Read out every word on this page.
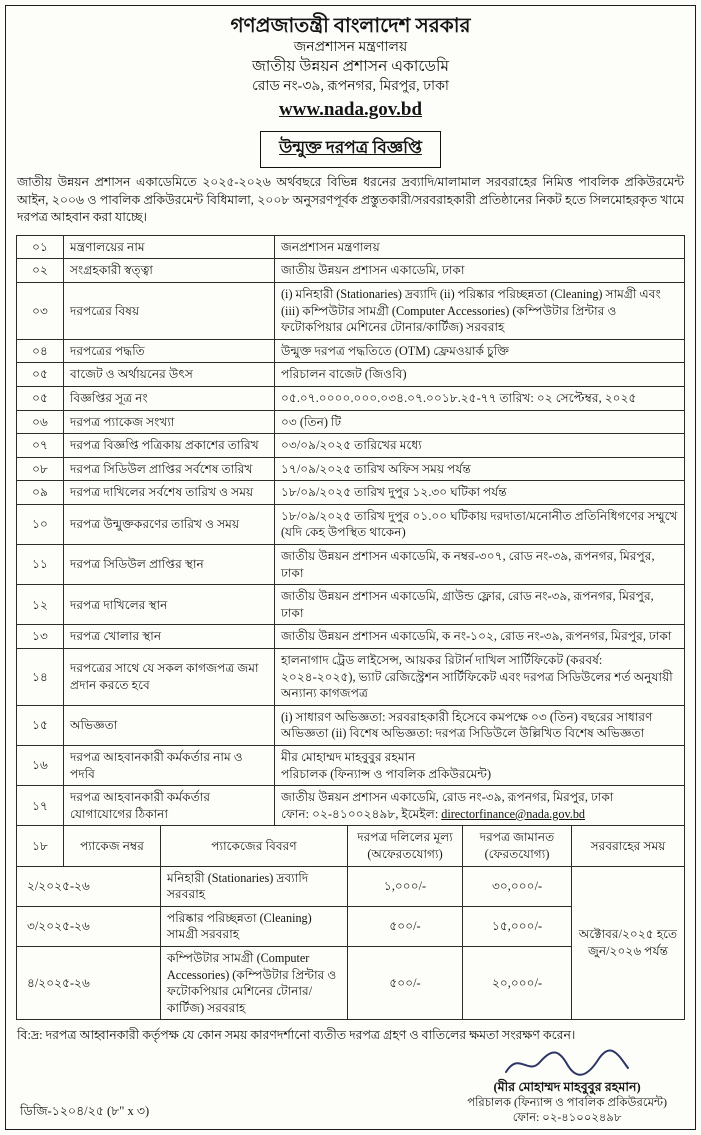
গণপ্রজাতন্ত্রী বাংলাদেশ সরকার
জনপ্রশাসন মন্ত্রণালয়
জাতীয় উন্নয়ন প্রশাসন একাডেমি
রোড নং-৩৯, রূপনগর, মিরপুর, ঢাকা
www.nada.gov.bd
উন্মুক্ত দরপত্র বিজ্ঞপ্তি

জাতীয় উন্নয়ন প্রশাসন একাডেমিতে ২০২৫-২০২৬ অর্থবছরে বিভিন্ন ধরনের দ্রব্যাদি/মালামাল সরবরাহের নিমিত্ত পাবলিক প্রকিউরমেন্ট আইন, ২০০৬ ও পাবলিক প্রকিউরমেন্ট বিধিমালা, ২০০৮ অনুসরণপূর্বক প্রস্তুতকারী/সরবরাহকারী প্রতিষ্ঠানের নিকট হতে সিলমোহরকৃত খামে দরপত্র আহবান করা যাচ্ছে।

০১	মন্ত্রণালয়ের নাম	জনপ্রশাসন মন্ত্রণালয়
০২	সংগ্রহকারী স্বত্ত্বা	জাতীয় উন্নয়ন প্রশাসন একাডেমি, ঢাকা
০৩	দরপত্রের বিষয়	(i) মনিহারী (Stationaries) দ্রব্যাদি (ii) পরিষ্কার পরিচ্ছন্নতা (Cleaning) সামগ্রী এবং (iii) কম্পিউটার সামগ্রী (Computer Accessories) (কম্পিউটার প্রিন্টার ও ফটোকপিয়ার মেশিনের টোনার/কার্টিজ) সরবরাহ
০৪	দরপত্রের পদ্ধতি	উন্মুক্ত দরপত্র পদ্ধতিতে (OTM) ফ্রেমওয়ার্ক চুক্তি
০৫	বাজেট ও অর্থায়নের উৎস	পরিচালন বাজেট (জিওবি)
০৫	বিজ্ঞপ্তির সূত্র নং	০৫.০৭.০০০০.০০০.০৩৪.০৭.০০১৮.২৫-৭৭ তারিখ: ০২ সেপ্টেম্বর, ২০২৫
০৬	দরপত্র প্যাকেজ সংখ্যা	০৩ (তিন) টি
০৭	দরপত্র বিজ্ঞপ্তি পত্রিকায় প্রকাশের তারিখ	০৩/০৯/২০২৫ তারিখের মধ্যে
০৮	দরপত্র সিডিউল প্রাপ্তির সর্বশেষ তারিখ	১৭/০৯/২০২৫ তারিখ অফিস সময় পর্যন্ত
০৯	দরপত্র দাখিলের সর্বশেষ তারিখ ও সময়	১৮/০৯/২০২৫ তারিখ দুপুর ১২.৩০ ঘটিকা পর্যন্ত
১০	দরপত্র উন্মুক্তকরণের তারিখ ও সময়	১৮/০৯/২০২৫ তারিখ দুপুর ০১.০০ ঘটিকায় দরদাতা/মনোনীত প্রতিনিধিগণের সম্মুখে (যদি কেহ উপস্থিত থাকেন)
১১	দরপত্র সিডিউল প্রাপ্তির স্থান	জাতীয় উন্নয়ন প্রশাসন একাডেমি, ক নম্বর-৩০৭, রোড নং-৩৯, রূপনগর, মিরপুর, ঢাকা
১২	দরপত্র দাখিলের স্থান	জাতীয় উন্নয়ন প্রশাসন একাডেমি, গ্রাউন্ড ফ্লোর, রোড নং-৩৯, রূপনগর, মিরপুর, ঢাকা
১৩	দরপত্র খোলার স্থান	জাতীয় উন্নয়ন প্রশাসন একাডেমি, ক নং-১০২, রোড নং-৩৯, রূপনগর, মিরপুর, ঢাকা
১৪	দরপত্রের সাথে যে সকল কাগজপত্র জমা প্রদান করতে হবে	হালনাগাদ ট্রেড লাইসেন্স, আয়কর রিটার্ন দাখিল সার্টিফিকেট (করবর্ষ: ২০২৪-২০২৫), ভ্যাট রেজিস্ট্রেশন সার্টিফিকেট এবং দরপত্র সিডিউলের শর্ত অনুযায়ী অন্যান্য কাগজপত্র
১৫	অভিজ্ঞতা	(i) সাধারণ অভিজ্ঞতা: সরবরাহকারী হিসেবে কমপক্ষে ০৩ (তিন) বছরের সাধারণ অভিজ্ঞতা (ii) বিশেষ অভিজ্ঞতা: দরপত্র সিডিউলে উল্লিখিত বিশেষ অভিজ্ঞতা
১৬	দরপত্র আহবানকারী কর্মকর্তার নাম ও পদবি	মীর মোহাম্মদ মাহবুবুর রহমান
পরিচালক (ফিন্যান্স ও পাবলিক প্রকিউরমেন্ট)

১৭	দরপত্র আহবানকারী কর্মকর্তার যোগাযোগের ঠিকানা	জাতীয় উন্নয়ন প্রশাসন একাডেমি, রোড নং-৩৯, রূপনগর, মিরপুর, ঢাকা
ফোন: ০২-৪১০০২৪৯৮, ইমেইল: directorfinance@nada.gov.bd
১৮	প্যাকেজ নম্বর	প্যাকেজের বিবরণ	দরপত্র দলিলের মূল্য (অফেরতযোগ্য)	দরপত্র জামানত (ফেরতযোগ্য)	সরবরাহের সময়
২/২০২৫-২৬		মনিহারী (Stationaries) দ্রব্যাদি সরবরাহ	১,০০০/-	৩০,০০০/-	অক্টোবর/২০২৫ হতে জুন/২০২৬ পর্যন্ত
৩/২০২৫-২৬		পরিষ্কার পরিচ্ছন্নতা (Cleaning) সামগ্রী সরবরাহ	৫০০/-	১৫,০০০/-	
৪/২০২৫-২৬		কম্পিউটার সামগ্রী (Computer Accessories) (কম্পিউটার প্রিন্টার ও ফটোকপিয়ার মেশিনের টোনার/কার্টিজ) সরবরাহ	৫০০/-	২০,০০০/-	
বি:দ্র: দরপত্র আহ্বানকারী কর্তৃপক্ষ যে কোন সময় কারণদর্শানো ব্যতীত দরপত্র গ্রহণ ও বাতিলের ক্ষমতা সংরক্ষণ করেন।
ডিজি-১২০৪/২৫ (৮" x ৩)
(মীর মোহাম্মদ মাহবুবুর রহমান)
পরিচালক (ফিন্যান্স ও পাবলিক প্রকিউরমেন্ট)
ফোন: ০২-৪১০০২৪৯৮
